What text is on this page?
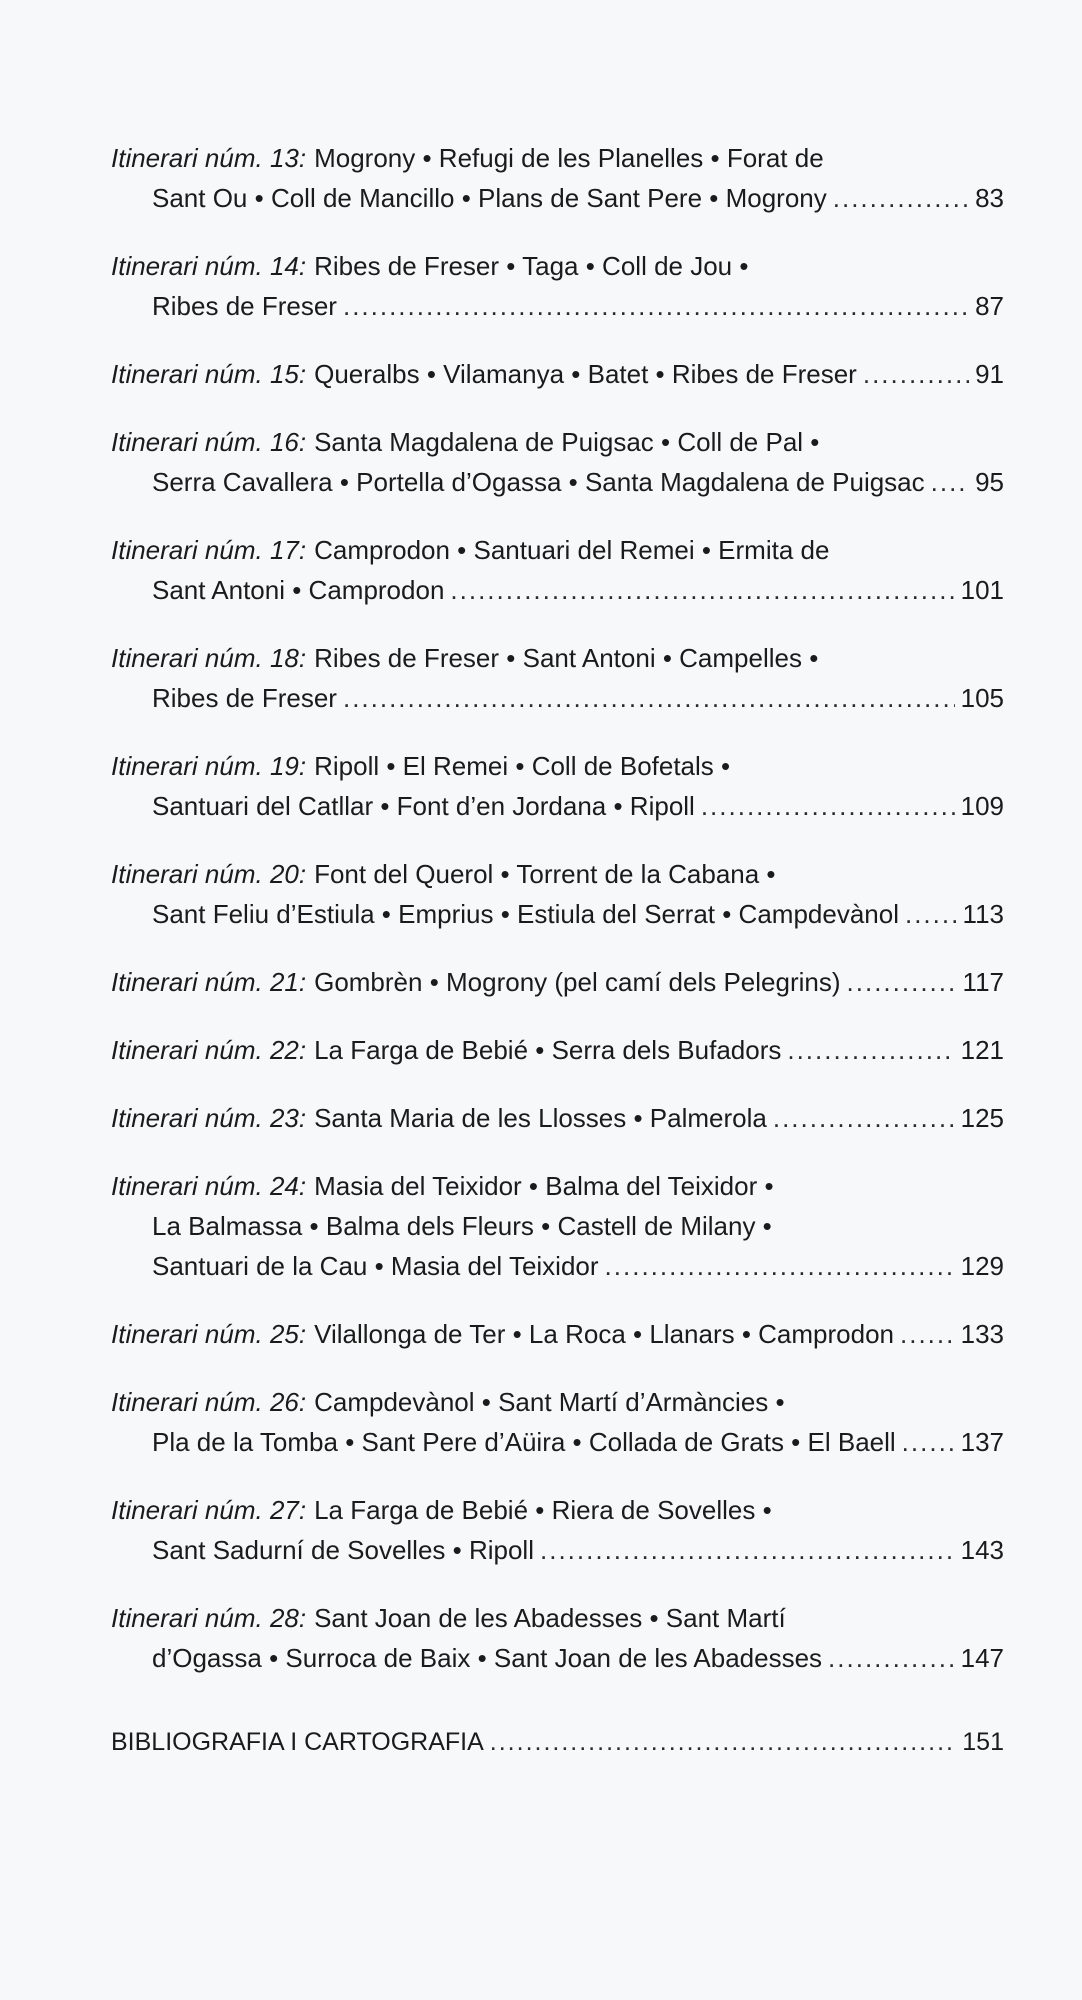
Itinerari núm. 13: Mogrony • Refugi de les Planelles • Forat de
Sant Ou • Coll de Mancillo • Plans de Sant Pere • Mogrony .....	83
Itinerari núm. 14: Ribes de Freser • Taga • Coll de Jou •
Ribes de Freser .....	87
Itinerari núm. 15: Queralbs • Vilamanya • Batet • Ribes de Freser .....	91
Itinerari núm. 16: Santa Magdalena de Puigsac • Coll de Pal •
Serra Cavallera • Portella d’Ogassa • Santa Magdalena de Puigsac ..... 95
Itinerari núm. 17: Camprodon • Santuari del Remei • Ermita de
Sant Antoni • Camprodon .....	101
Itinerari núm. 18: Ribes de Freser • Sant Antoni • Campelles •
Ribes de Freser .....	105
Itinerari núm. 19: Ripoll • El Remei • Coll de Bofetals •
Santuari del Catllar • Font d’en Jordana • Ripoll .....	109
Itinerari núm. 20: Font del Querol • Torrent de la Cabana •
Sant Feliu d’Estiula • Emprius • Estiula del Serrat • Campdevànol ..... 113
Itinerari núm. 21: Gombrèn • Mogrony (pel camí dels Pelegrins) .....	117
Itinerari núm. 22: La Farga de Bebié • Serra dels Bufadors .....	121
Itinerari núm. 23: Santa Maria de les Llosses • Palmerola .....	125
Itinerari núm. 24: Masia del Teixidor • Balma del Teixidor •
La Balmassa • Balma dels Fleurs • Castell de Milany •
Santuari de la Cau • Masia del Teixidor .....	129
Itinerari núm. 25: Vilallonga de Ter • La Roca • Llanars • Camprodon .....	133
Itinerari núm. 26: Campdevànol • Sant Martí d’Armàncies •
Pla de la Tomba • Sant Pere d’Aüira • Collada de Grats • El Baell ..... 137
Itinerari núm. 27: La Farga de Bebié • Riera de Sovelles •
Sant Sadurní de Sovelles • Ripoll .....	143
Itinerari núm. 28: Sant Joan de les Abadesses • Sant Martí
d’Ogassa • Surroca de Baix • Sant Joan de les Abadesses .....	147
BIBLIOGRAFIA I CARTOGRAFIA .....	151
